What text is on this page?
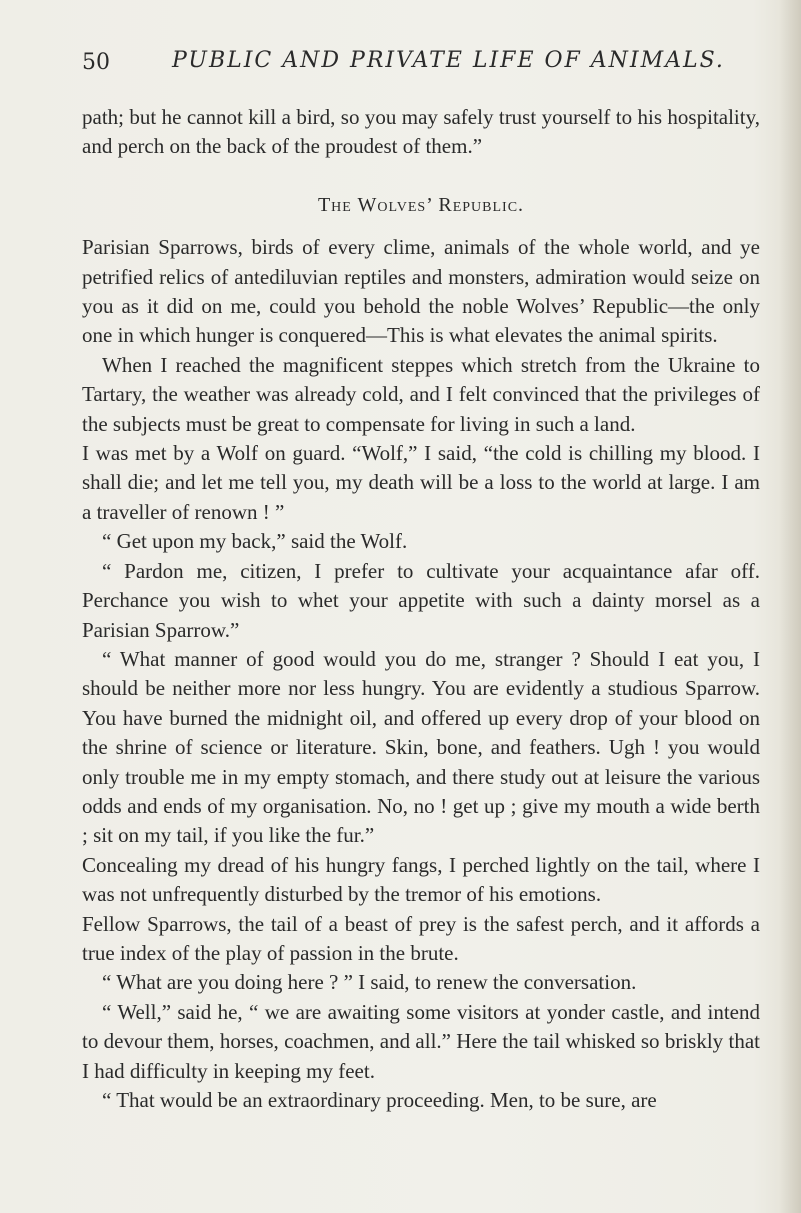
50	PUBLIC AND PRIVATE LIFE OF ANIMALS.

path; but he cannot kill a bird, so you may safely trust yourself to his hospitality, and perch on the back of the proudest of them.”

The Wolves’ Republic.

Parisian Sparrows, birds of every clime, animals of the whole world, and ye petrified relics of antediluvian reptiles and monsters, admiration would seize on you as it did on me, could you behold the noble Wolves’ Republic—the only one in which hunger is conquered—This is what elevates the animal spirits.

When I reached the magnificent steppes which stretch from the Ukraine to Tartary, the weather was already cold, and I felt convinced that the privileges of the subjects must be great to compensate for living in such a land.

I was met by a Wolf on guard. “Wolf,” I said, “the cold is chilling my blood. I shall die; and let me tell you, my death will be a loss to the world at large. I am a traveller of renown ! ”

“ Get upon my back,” said the Wolf.

“ Pardon me, citizen, I prefer to cultivate your acquaintance afar off. Perchance you wish to whet your appetite with such a dainty morsel as a Parisian Sparrow.”

“ What manner of good would you do me, stranger ? Should I eat you, I should be neither more nor less hungry. You are evidently a studious Sparrow. You have burned the midnight oil, and offered up every drop of your blood on the shrine of science or literature. Skin, bone, and feathers. Ugh ! you would only trouble me in my empty stomach, and there study out at leisure the various odds and ends of my organisation. No, no ! get up ; give my mouth a wide berth ; sit on my tail, if you like the fur.”

Concealing my dread of his hungry fangs, I perched lightly on the tail, where I was not unfrequently disturbed by the tremor of his emotions.

Fellow Sparrows, the tail of a beast of prey is the safest perch, and it affords a true index of the play of passion in the brute.

“ What are you doing here ? ” I said, to renew the conversation.

“ Well,” said he, “ we are awaiting some visitors at yonder castle, and intend to devour them, horses, coachmen, and all.” Here the tail whisked so briskly that I had difficulty in keeping my feet.

“ That would be an extraordinary proceeding. Men, to be sure, are
